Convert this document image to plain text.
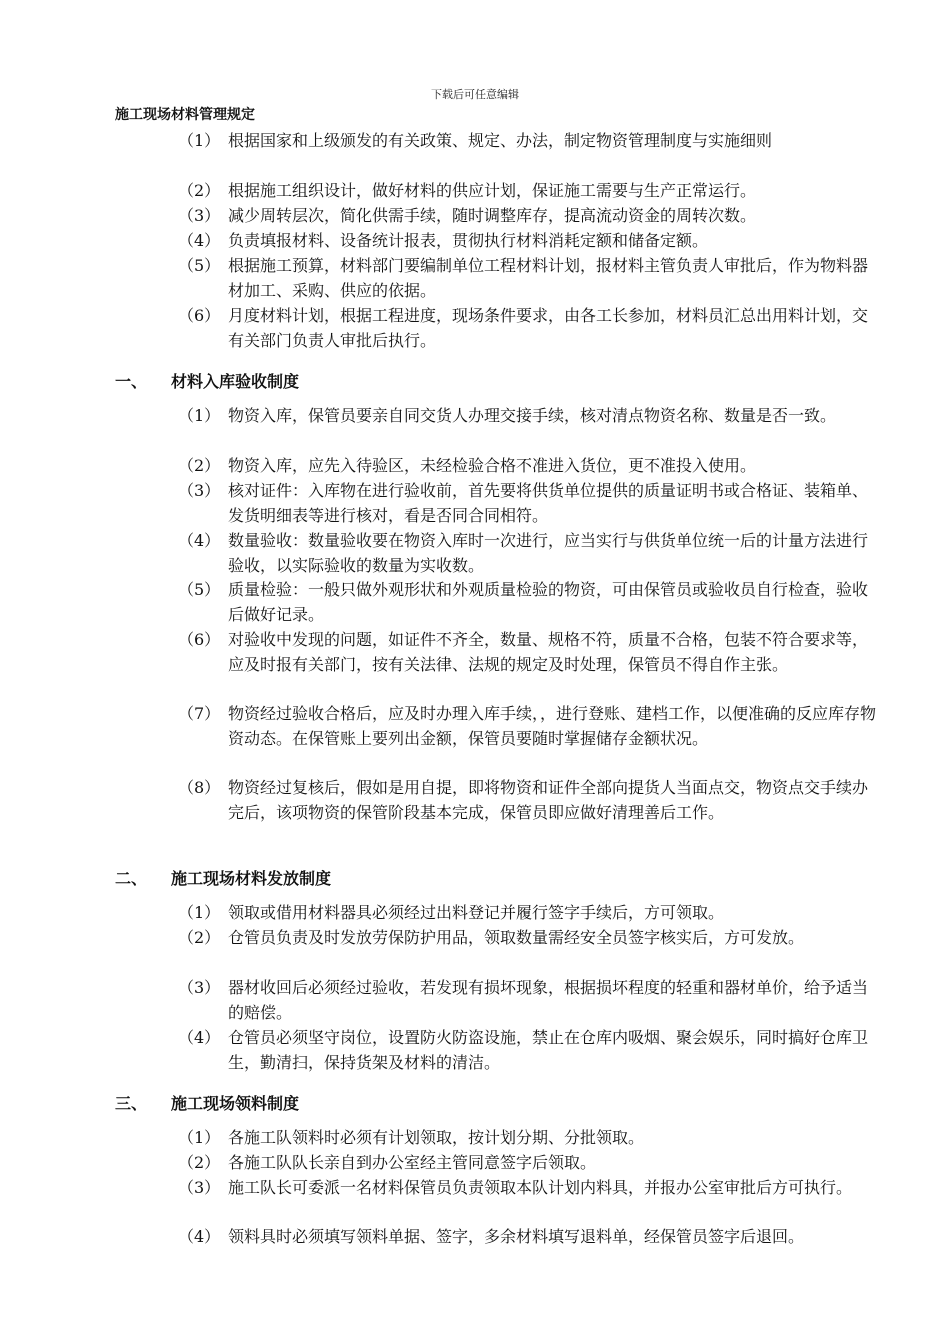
下载后可任意编辑
施工现场材料管理规定
（1） 根据国家和上级颁发的有关政策、规定、办法，制定物资管理制度与实施细则
（2） 根据施工组织设计，做好材料的供应计划，保证施工需要与生产正常运行。
（3） 减少周转层次，简化供需手续，随时调整库存，提高流动资金的周转次数。
（4） 负责填报材料、设备统计报表，贯彻执行材料消耗定额和储备定额。
（5） 根据施工预算，材料部门要编制单位工程材料计划，报材料主管负责人审批后，作为物料器材加工、采购、供应的依据。
（6） 月度材料计划，根据工程进度，现场条件要求，由各工长参加，材料员汇总出用料计划，交有关部门负责人审批后执行。
一、 材料入库验收制度
（1） 物资入库，保管员要亲自同交货人办理交接手续，核对清点物资名称、数量是否一致。
（2） 物资入库，应先入待验区，未经检验合格不准进入货位，更不准投入使用。
（3） 核对证件：入库物在进行验收前，首先要将供货单位提供的质量证明书或合格证、装箱单、发货明细表等进行核对，看是否同合同相符。
（4） 数量验收：数量验收要在物资入库时一次进行，应当实行与供货单位统一后的计量方法进行验收，以实际验收的数量为实收数。
（5） 质量检验：一般只做外观形状和外观质量检验的物资，可由保管员或验收员自行检查，验收后做好记录。
（6） 对验收中发现的问题，如证件不齐全，数量、规格不符，质量不合格，包装不符合要求等，应及时报有关部门，按有关法律、法规的规定及时处理，保管员不得自作主张。
（7） 物资经过验收合格后，应及时办理入库手续，，进行登账、建档工作，以便准确的反应库存物资动态。在保管账上要列出金额，保管员要随时掌握储存金额状况。
（8） 物资经过复核后，假如是用自提，即将物资和证件全部向提货人当面点交，物资点交手续办完后，该项物资的保管阶段基本完成，保管员即应做好清理善后工作。
二、 施工现场材料发放制度
（1） 领取或借用材料器具必须经过出料登记并履行签字手续后，方可领取。
（2） 仓管员负责及时发放劳保防护用品，领取数量需经安全员签字核实后，方可发放。
（3） 器材收回后必须经过验收，若发现有损坏现象，根据损坏程度的轻重和器材单价，给予适当的赔偿。
（4） 仓管员必须坚守岗位，设置防火防盗设施，禁止在仓库内吸烟、聚会娱乐，同时搞好仓库卫生，勤清扫，保持货架及材料的清洁。
三、 施工现场领料制度
（1） 各施工队领料时必须有计划领取，按计划分期、分批领取。
（2） 各施工队队长亲自到办公室经主管同意签字后领取。
（3） 施工队长可委派一名材料保管员负责领取本队计划内料具，并报办公室审批后方可执行。
（4） 领料具时必须填写领料单据、签字，多余材料填写退料单，经保管员签字后退回。
